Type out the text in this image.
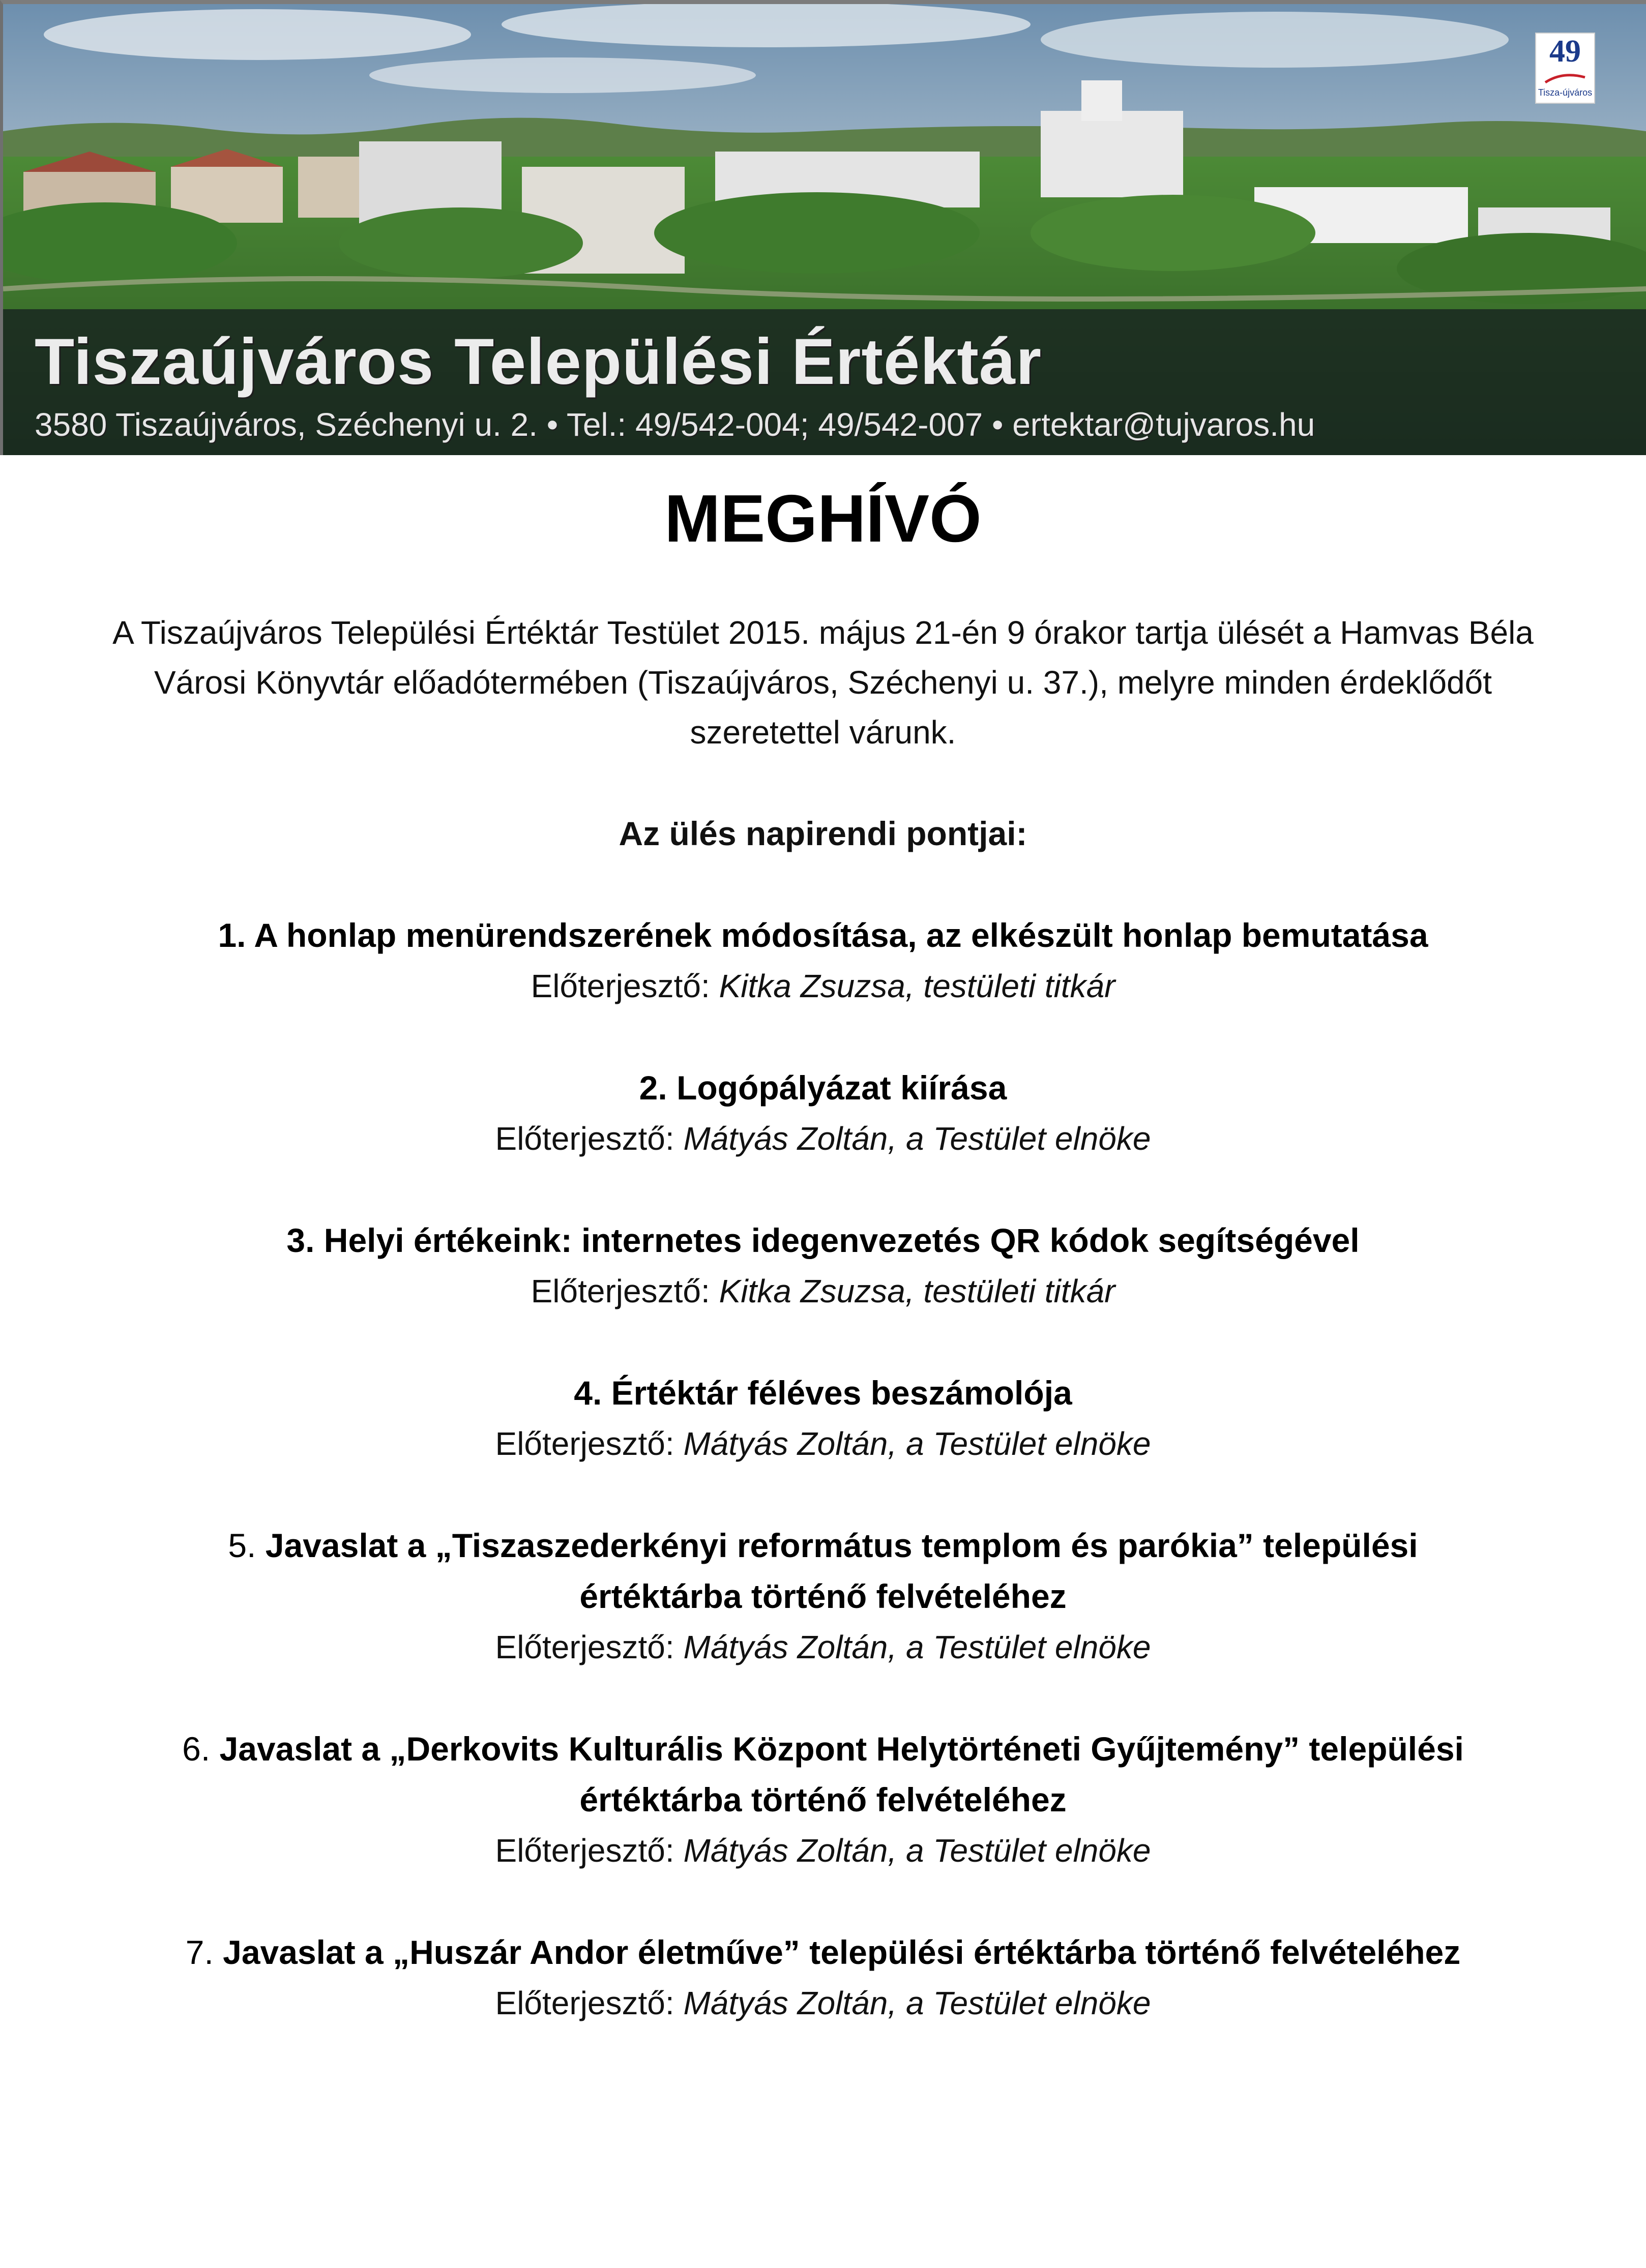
Tiszaújváros Települési Értéktár
3580 Tiszaújváros, Széchenyi u. 2. • Tel.: 49/542-004; 49/542-007 • ertektar@tujvaros.hu
49
Tisza-újváros
MEGHÍVÓ

A Tiszaújváros Települési Értéktár Testület 2015. május 21-én 9 órakor tartja ülését a Hamvas Béla Városi Könyvtár előadótermében (Tiszaújváros, Széchenyi u. 37.), melyre minden érdeklődőt szeretettel várunk.

Az ülés napirendi pontjai:

1. A honlap menürendszerének módosítása, az elkészült honlap bemutatása
Előterjesztő: Kitka Zsuzsa, testületi titkár
2. Logópályázat kiírása
Előterjesztő: Mátyás Zoltán, a Testület elnöke
3. Helyi értékeink: internetes idegenvezetés QR kódok segítségével
Előterjesztő: Kitka Zsuzsa, testületi titkár
4. Értéktár féléves beszámolója
Előterjesztő: Mátyás Zoltán, a Testület elnöke
5. Javaslat a „Tiszaszederkényi református templom és parókia” települési
értéktárba történő felvételéhez
Előterjesztő: Mátyás Zoltán, a Testület elnöke
6. Javaslat a „Derkovits Kulturális Központ Helytörténeti Gyűjtemény” települési
értéktárba történő felvételéhez
Előterjesztő: Mátyás Zoltán, a Testület elnöke
7. Javaslat a „Huszár Andor életműve” települési értéktárba történő felvételéhez
Előterjesztő: Mátyás Zoltán, a Testület elnöke
